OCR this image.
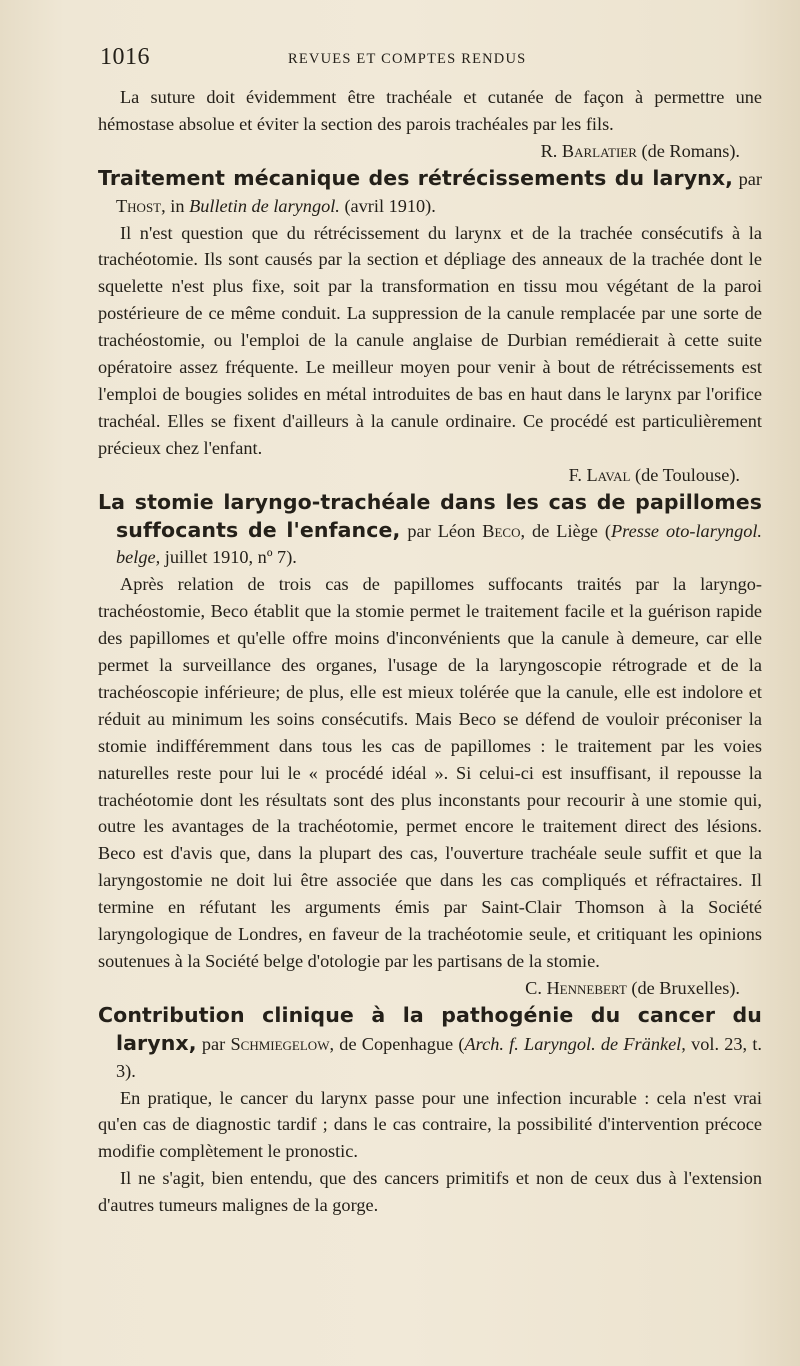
1016	REVUES ET COMPTES RENDUS

La suture doit évidemment être trachéale et cutanée de façon à permettre une hémostase absolue et éviter la section des parois trachéales par les fils.

R. Barlatier (de Romans).

Traitement mécanique des rétrécissements du larynx, par Thost, in Bulletin de laryngol. (avril 1910).

Il n'est question que du rétrécissement du larynx et de la trachée consécutifs à la trachéotomie. Ils sont causés par la section et dépliage des anneaux de la trachée dont le squelette n'est plus fixe, soit par la transformation en tissu mou végétant de la paroi postérieure de ce même conduit. La suppression de la canule remplacée par une sorte de trachéostomie, ou l'emploi de la canule anglaise de Durbian remédierait à cette suite opératoire assez fréquente. Le meilleur moyen pour venir à bout de rétrécissements est l'emploi de bougies solides en métal introduites de bas en haut dans le larynx par l'orifice trachéal. Elles se fixent d'ailleurs à la canule ordinaire. Ce procédé est particulièrement précieux chez l'enfant.

F. Laval (de Toulouse).

La stomie laryngo-trachéale dans les cas de papillomes suffocants de l'enfance, par Léon Beco, de Liège (Presse oto-laryngol. belge, juillet 1910, nº 7).

Après relation de trois cas de papillomes suffocants traités par la laryngo-trachéostomie, Beco établit que la stomie permet le traitement facile et la guérison rapide des papillomes et qu'elle offre moins d'inconvénients que la canule à demeure, car elle permet la surveillance des organes, l'usage de la laryngoscopie rétrograde et de la trachéoscopie inférieure; de plus, elle est mieux tolérée que la canule, elle est indolore et réduit au minimum les soins consécutifs. Mais Beco se défend de vouloir préconiser la stomie indifféremment dans tous les cas de papillomes : le traitement par les voies naturelles reste pour lui le « procédé idéal ». Si celui-ci est insuffisant, il repousse la trachéotomie dont les résultats sont des plus inconstants pour recourir à une stomie qui, outre les avantages de la trachéotomie, permet encore le traitement direct des lésions. Beco est d'avis que, dans la plupart des cas, l'ouverture trachéale seule suffit et que la laryngostomie ne doit lui être associée que dans les cas compliqués et réfractaires. Il termine en réfutant les arguments émis par Saint-Clair Thomson à la Société laryngologique de Londres, en faveur de la trachéotomie seule, et critiquant les opinions soutenues à la Société belge d'otologie par les partisans de la stomie.

C. Hennebert (de Bruxelles).

Contribution clinique à la pathogénie du cancer du larynx, par Schmiegelow, de Copenhague (Arch. f. Laryngol. de Fränkel, vol. 23, t. 3).

En pratique, le cancer du larynx passe pour une infection incurable : cela n'est vrai qu'en cas de diagnostic tardif ; dans le cas contraire, la possibilité d'intervention précoce modifie complètement le pronostic.

Il ne s'agit, bien entendu, que des cancers primitifs et non de ceux dus à l'extension d'autres tumeurs malignes de la gorge.
